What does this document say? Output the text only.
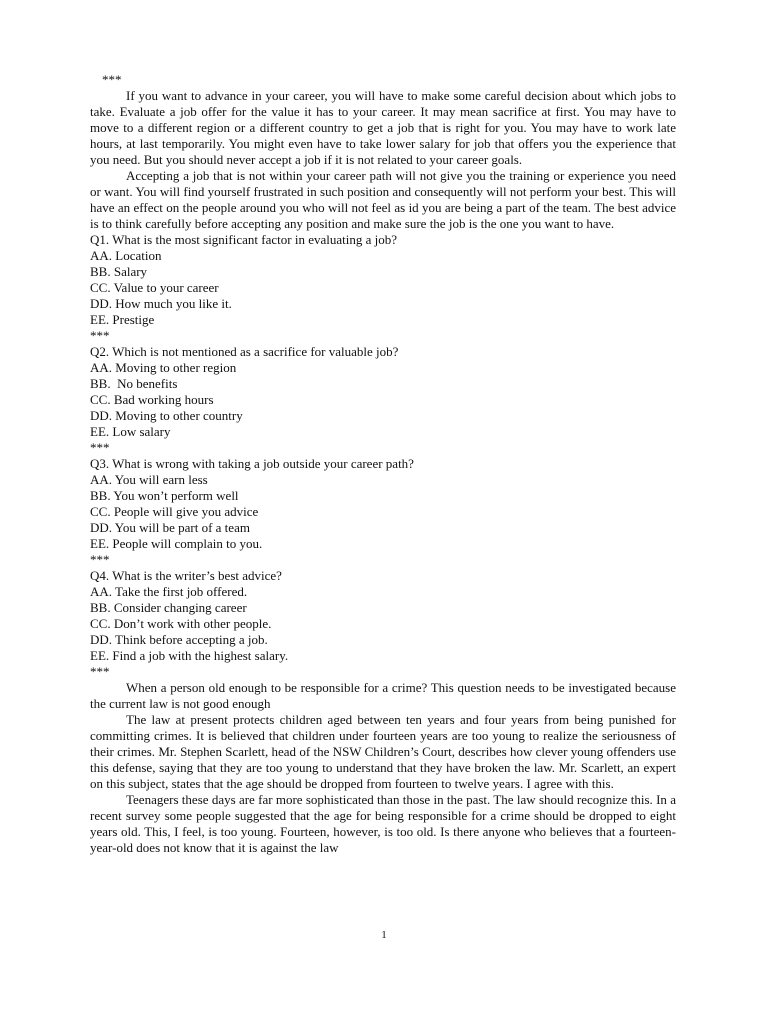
***

If you want to advance in your career, you will have to make some careful decision about which jobs to take. Evaluate a job offer for the value it has to your career. It may mean sacrifice at first. You may have to move to a different region or a different country to get a job that is right for you. You may have to work late hours, at last temporarily. You might even have to take lower salary for job that offers you the experience that you need. But you should never accept a job if it is not related to your career goals.

Accepting a job that is not within your career path will not give you the training or experience you need or want. You will find yourself frustrated in such position and consequently will not perform your best. This will have an effect on the people around you who will not feel as id you are being a part of the team. The best advice is to think carefully before accepting any position and make sure the job is the one you want to have.

Q1. What is the most significant factor in evaluating a job?

AA. Location

BB. Salary

CC. Value to your career

DD. How much you like it.

EE. Prestige

***

Q2. Which is not mentioned as a sacrifice for valuable job?

AA. Moving to other region

BB.  No benefits

CC. Bad working hours

DD. Moving to other country

EE. Low salary

***

Q3. What is wrong with taking a job outside your career path?

AA. You will earn less

BB. You won’t perform well

CC. People will give you advice

DD. You will be part of a team

EE. People will complain to you.

***

Q4. What is the writer’s best advice?

AA. Take the first job offered.

BB. Consider changing career

CC. Don’t work with other people.

DD. Think before accepting a job.

EE. Find a job with the highest salary.

***

When a person old enough to be responsible for a crime? This question needs to be investigated because the current law is not good enough

The law at present protects children aged between ten years and four years from being punished for committing crimes. It is believed that children under fourteen years are too young to realize the seriousness of their crimes. Mr. Stephen Scarlett, head of the NSW Children’s Court, describes how clever young offenders use this defense, saying that they are too young to understand that they have broken the law. Mr. Scarlett, an expert on this subject, states that the age should be dropped from fourteen to twelve years. I agree with this.

Teenagers these days are far more sophisticated than those in the past. The law should recognize this. In a recent survey some people suggested that the age for being responsible for a crime should be dropped to eight years old. This, I feel, is too young. Fourteen, however, is too old. Is there anyone who believes that a fourteen-year-old does not know that it is against the law

1
